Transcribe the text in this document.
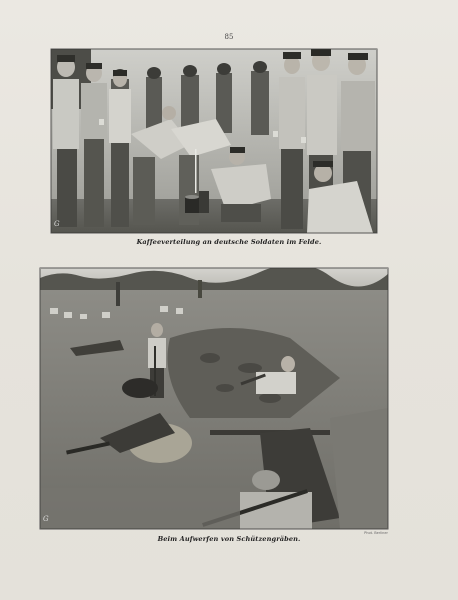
85
G
Kaffeeverteilung an deutsche Soldaten im Felde.
G
Phot. Berliner
Beim Aufwerfen von Schützengräben.
